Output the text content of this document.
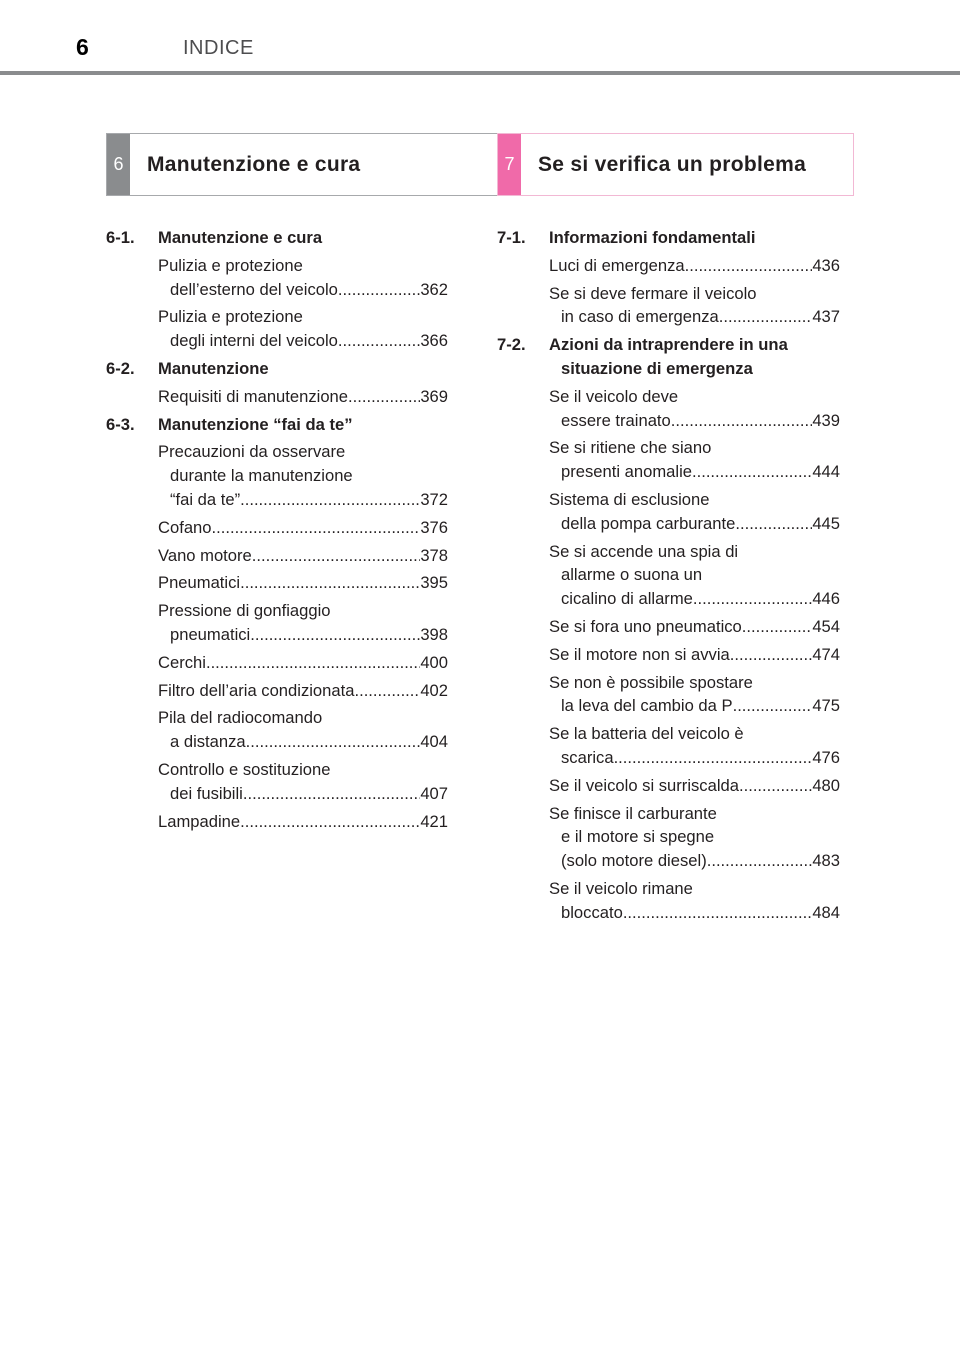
6	INDICE
6	Manutenzione e cura
6-1.	Manutenzione e cura
Pulizia e protezione
dell’esterno del veicolo .....	362
Pulizia e protezione
degli interni del veicolo .....	366
6-2.	Manutenzione
Requisiti di manutenzione .....	369
6-3.	Manutenzione “fai da te”
Precauzioni da osservare
durante la manutenzione
“fai da te” .....	372
Cofano .....	376
Vano motore .....	378
Pneumatici .....	395
Pressione di gonfiaggio
pneumatici .....	398
Cerchi .....	400
Filtro dell’aria condizionata .....	402
Pila del radiocomando
a distanza .....	404
Controllo e sostituzione
dei fusibili .....	407
Lampadine .....	421
7	Se si verifica un problema
7-1.	Informazioni fondamentali
Luci di emergenza .....	436
Se si deve fermare il veicolo
in caso di emergenza .....	437
7-2.	Azioni da intraprendere in una
situazione di emergenza
Se il veicolo deve
essere trainato .....	439
Se si ritiene che siano
presenti anomalie .....	444
Sistema di esclusione
della pompa carburante .....	445
Se si accende una spia di
allarme o suona un
cicalino di allarme .....	446
Se si fora uno pneumatico .....	454
Se il motore non si avvia .....	474
Se non è possibile spostare
la leva del cambio da P .....	475
Se la batteria del veicolo è
scarica .....	476
Se il veicolo si surriscalda .....	480
Se finisce il carburante
e il motore si spegne
(solo motore diesel) .....	483
Se il veicolo rimane
bloccato .....	484
